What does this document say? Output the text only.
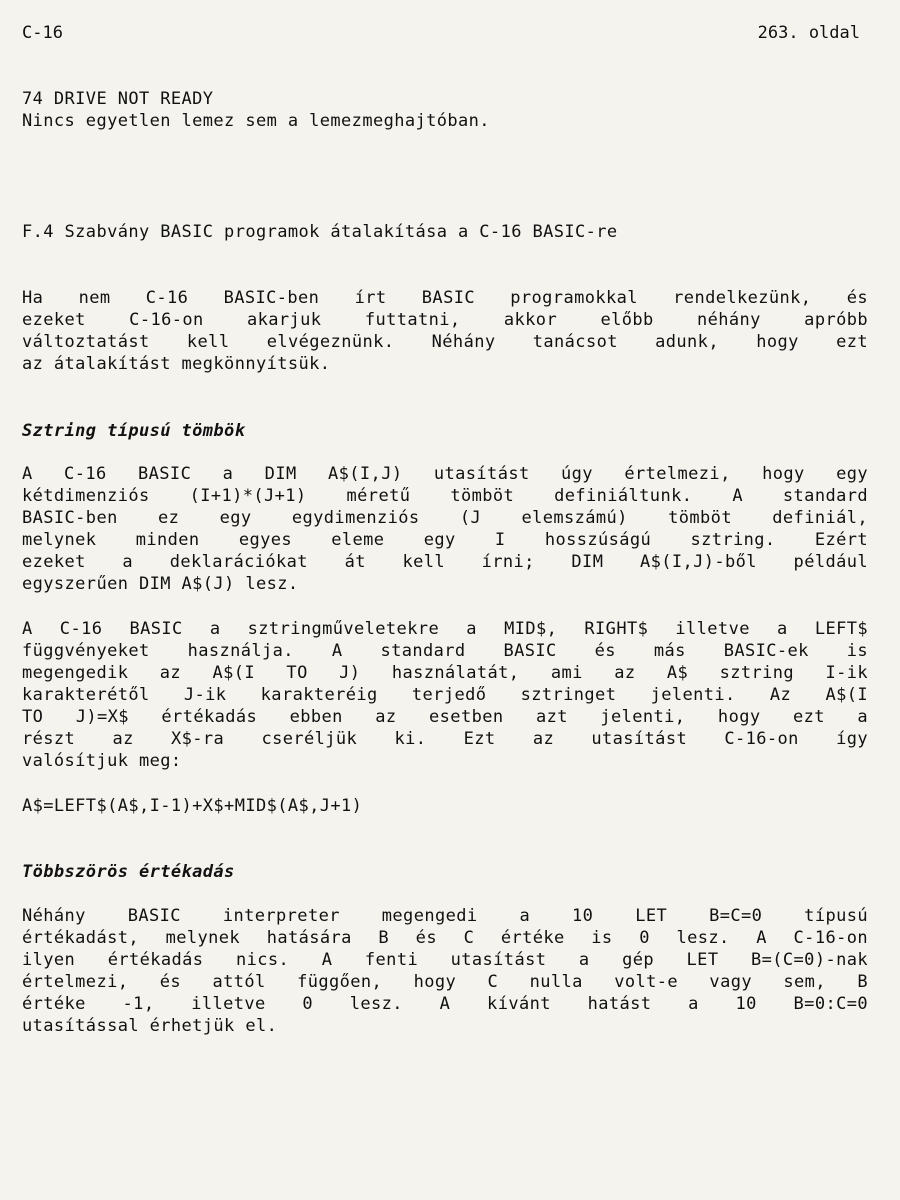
C-16	263. oldal
74 DRIVE NOT READY
Nincs egyetlen lemez sem a lemezmeghajtóban.
F.4 Szabvány BASIC programok átalakítása a C-16 BASIC-re
Ha nem C-16 BASIC-ben írt BASIC programokkal rendelkezünk, és
ezeket C-16-on akarjuk futtatni, akkor előbb néhány apróbb
változtatást kell elvégeznünk. Néhány tanácsot adunk, hogy ezt
az átalakítást megkönnyítsük.
Sztring típusú tömbök
A C-16 BASIC a DIM A$(I,J) utasítást úgy értelmezi, hogy egy
kétdimenziós (I+1)*(J+1) méretű tömböt definiáltunk. A standard
BASIC-ben ez egy egydimenziós (J elemszámú) tömböt definiál,
melynek minden egyes eleme egy I hosszúságú sztring. Ezért
ezeket a deklarációkat át kell írni; DIM A$(I,J)-ből például
egyszerűen DIM A$(J) lesz.
A C-16 BASIC a sztringműveletekre a MID$, RIGHT$ illetve a LEFT$
függvényeket használja. A standard BASIC és más BASIC-ek is
megengedik az A$(I TO J) használatát, ami az A$ sztring I-ik
karakterétől J-ik karakteréig terjedő sztringet jelenti. Az A$(I
TO J)=X$ értékadás ebben az esetben azt jelenti, hogy ezt a
részt az X$-ra cseréljük ki. Ezt az utasítást C-16-on így
valósítjuk meg:
A$=LEFT$(A$,I-1)+X$+MID$(A$,J+1)
Többszörös értékadás
Néhány BASIC interpreter megengedi a 10 LET B=C=0 típusú
értékadást, melynek hatására B és C értéke is 0 lesz. A C-16-on
ilyen értékadás nics. A fenti utasítást a gép LET B=(C=0)-nak
értelmezi, és attól függően, hogy C nulla volt-e vagy sem, B
értéke -1, illetve 0 lesz. A kívánt hatást a 10 B=0:C=0
utasítással érhetjük el.
